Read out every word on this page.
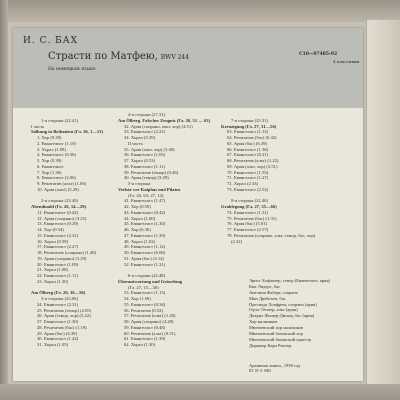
И. С. БАХ
Страсти по Матфею, BWV 244
На немецком языке
С10—07485-92
4 пластинки
1-я сторона (22.41)
I часть
Salbung in Bethanien (Гл. 26, 1—13)
1. Хор (9.39)
2. Евангелист (1.10)
3. Хорал (1.09)
4. Евангелист (0.36)
5. Хор (0.39)
6. Евангелист
7. Хор (1.36)
8. Евангелист (2.06)
9. Речитатив (альт) (1.06)
10. Ария (альт) (5.29)
2-я сторона (23.40)
Abendmahl (Гл. 26, 14—29)
11. Евангелист (0.42)
12. Ария (сопрано) (3.25)
13. Евангелист (0.29)
14. Хор (0.34)
15. Евангелист (2.31)
16. Хорал (0.59)
17. Евангелист (2.27)
18. Речитатив (сопрано) (1.48)
19. Ария (сопрано) (3.29)
20. Евангелист (1.09)
21. Хорал (1.08)
22. Евангелист (1.11)
23. Хорал (1.30)
Am Ölberg (Гл. 26, 36—56)
3-я сторона (23.06)
24. Евангелист (2.31)
25. Речитатив (тенор) (2.05)
26. Ария (тенор, хор) (5.22)
27. Евангелист (1.30)
28. Речитатив (бас) (1.19)
29. Ария (бас) (4.39)
30. Евангелист (1.42)
31. Хорал (1.05)
4-я сторона (27.31)
Am Ölberg. Falsches Zeugnis (Гл. 26, 51 — 63)
32. Ария (сопрано, альт, хор) (4.51)
33. Евангелист (2.21)
34. Хорал (5.39)
II часть
35. Ария (альт, хор) (3.48)
36. Евангелист (1.05)
37. Хорал (0.53)
38. Евангелист (1.11)
39. Речитатив (тенор) (0.46)
40. Ария (тенор) (3.49)
5-я сторона
Verhör vor Kaiphas und Pilatus
(Гл. 26, 63; 27, 14)
41. Евангелист (1.47)
42. Хор (0.59)
43. Евангелист (0.42)
44. Хорал (1.00)
45. Евангелист (1.30)
46. Хор (6.36)
47. Евангелист (1.39)
48. Хорал (1.02)
49. Евангелист (1.12)
50. Евангелист (6.06)
51. Ария (бас) (3.12)
52. Евангелист (1.21)
6-я сторона (22.48)
Überantwortung und Geisselung
(Гл. 27, 15—30)
53. Евангелист (1.13)
54. Хор (1.56)
55. Евангелист (0.34)
56. Речитатив (0.52)
57. Речитатив (альт) (1.20)
58. Ария (сопрано) (4.28)
59. Евангелист (0.48)
60. Речитатив (альт) (0.51)
61. Евангелист (1.39)
62. Хорал (1.30)
7-я сторона (25.31)
Kreuzigung (Гл. 27, 31—56)
63. Евангелист (1.12)
64. Речитатив (бас) (0.42)
65. Ария (бас) (6.39)
66. Евангелист (1.36)
67. Евангелист (0.21)
68. Речитатив (альт) (1.22)
69. Ария (альт, хор) (3.51)
70. Евангелист (1.55)
71. Евангелист (1.27)
72. Хорал (2.33)
73. Евангелист (2.52)
8-я сторона (22.40)
Grablegung (Гл. 27, 55—66)
74. Евангелист (1.31)
75. Речитатив (бас) (1.31)
76. Ария (бас) (5.01)
77. Евангелист (2.57)
78. Речитатив (сопрано, альт, тенор, бас, хор)
(2.32)
Эрнст Хефлигер, тенор (Евангелист, ария)
Кик Эндерс, бас
Антония Фаберг, сопрано
Мин Дрейсхен, бас
Пресиада Лопфрем, сопрано (ария)
Герта Тёппер, альт (ария)
Дитрих Фишер-Дискау, бас (ария)
Хор мальчиков
Мюнхенский хор мальчиков
Мюнхенский баховский хор
Мюнхенский баховский оркестр
Дирижер Карл Рихтер
Архивная запись, 1958 год
ВТ. 05. 9. 0005
